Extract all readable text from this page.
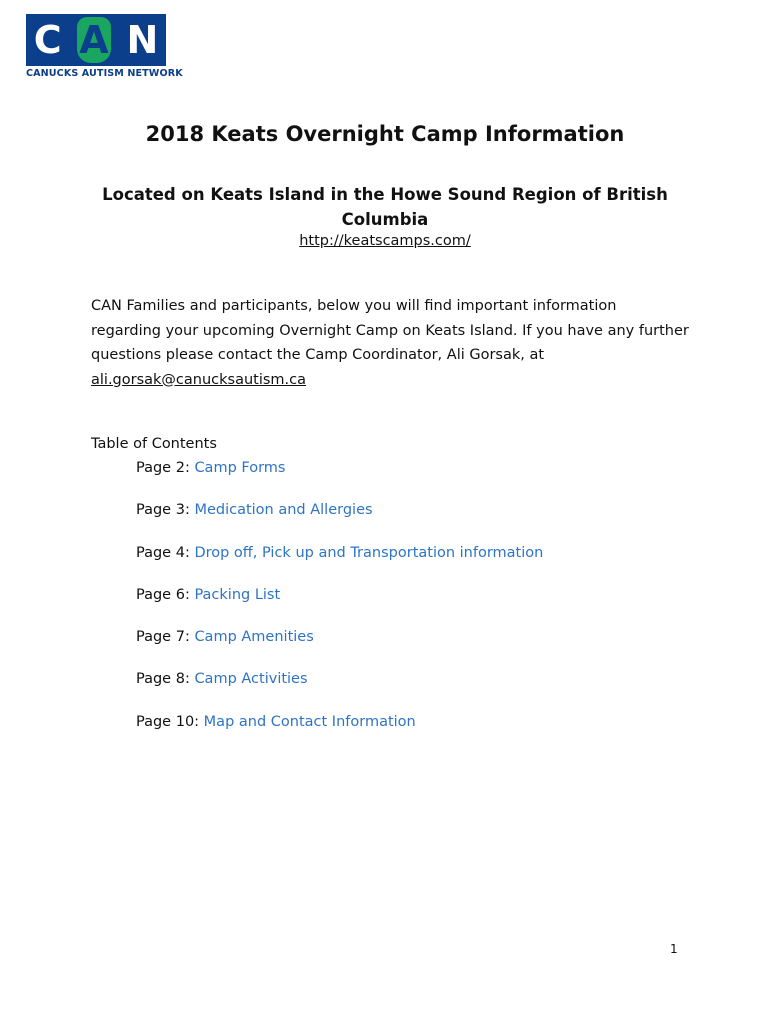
C A N
CANUCKS AUTISM NETWORK
2018 Keats Overnight Camp Information
Located on Keats Island in the Howe Sound Region of British Columbia
http://keatscamps.com/
CAN Families and participants, below you will find important information regarding your upcoming Overnight Camp on Keats Island. If you have any further questions please contact the Camp Coordinator, Ali Gorsak, at
ali.gorsak@canucksautism.ca
Table of Contents
Page 2: Camp Forms
Page 3: Medication and Allergies
Page 4: Drop off, Pick up and Transportation information
Page 6: Packing List
Page 7: Camp Amenities
Page 8: Camp Activities
Page 10: Map and Contact Information
1
